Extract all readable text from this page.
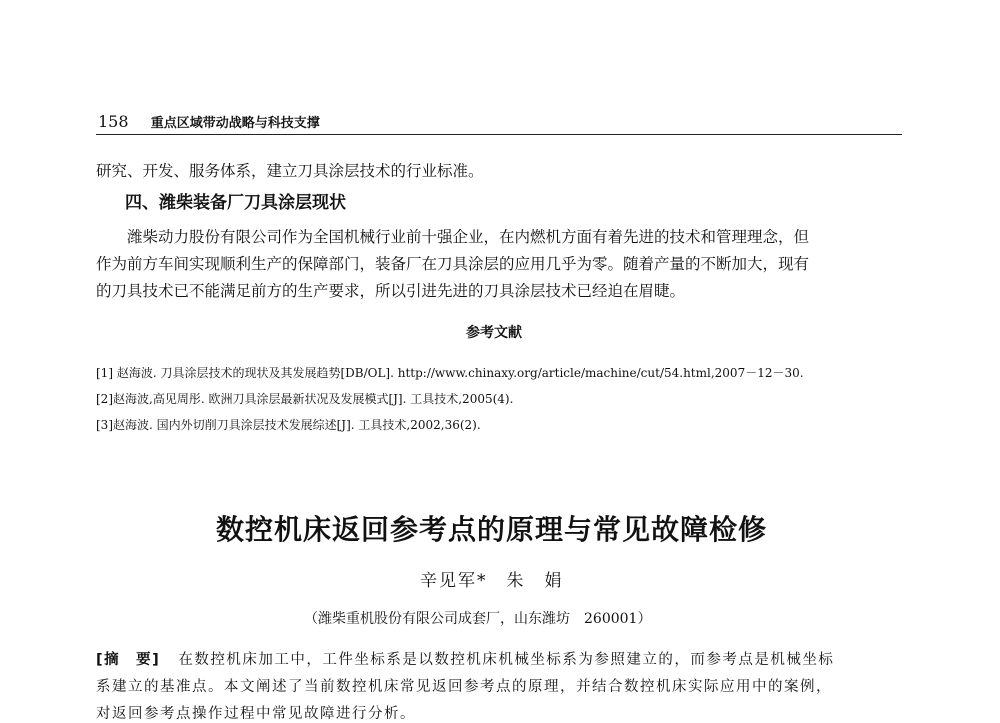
158 重点区域带动战略与科技支撑
研究、开发、服务体系，建立刀具涂层技术的行业标准。
四、潍柴装备厂刀具涂层现状
潍柴动力股份有限公司作为全国机械行业前十强企业，在内燃机方面有着先进的技术和管理理念，但
作为前方车间实现顺利生产的保障部门，装备厂在刀具涂层的应用几乎为零。随着产量的不断加大，现有
的刀具技术已不能满足前方的生产要求，所以引进先进的刀具涂层技术已经迫在眉睫。
参考文献
[1] 赵海波. 刀具涂层技术的现状及其发展趋势[DB/OL]. http://www.chinaxy.org/article/machine/cut/54.html,2007－12－30.
[2]赵海波,高见周彤. 欧洲刀具涂层最新状况及发展模式[J]. 工具技术,2005(4).
[3]赵海波. 国内外切削刀具涂层技术发展综述[J]. 工具技术,2002,36(2).
数控机床返回参考点的原理与常见故障检修
辛见军*　朱　娟
（潍柴重机股份有限公司成套厂，山东潍坊　260001）
[摘　要] 在数控机床加工中，工件坐标系是以数控机床机械坐标系为参照建立的，而参考点是机械坐标
系建立的基准点。本文阐述了当前数控机床常见返回参考点的原理，并结合数控机床实际应用中的案例，
对返回参考点操作过程中常见故障进行分析。
